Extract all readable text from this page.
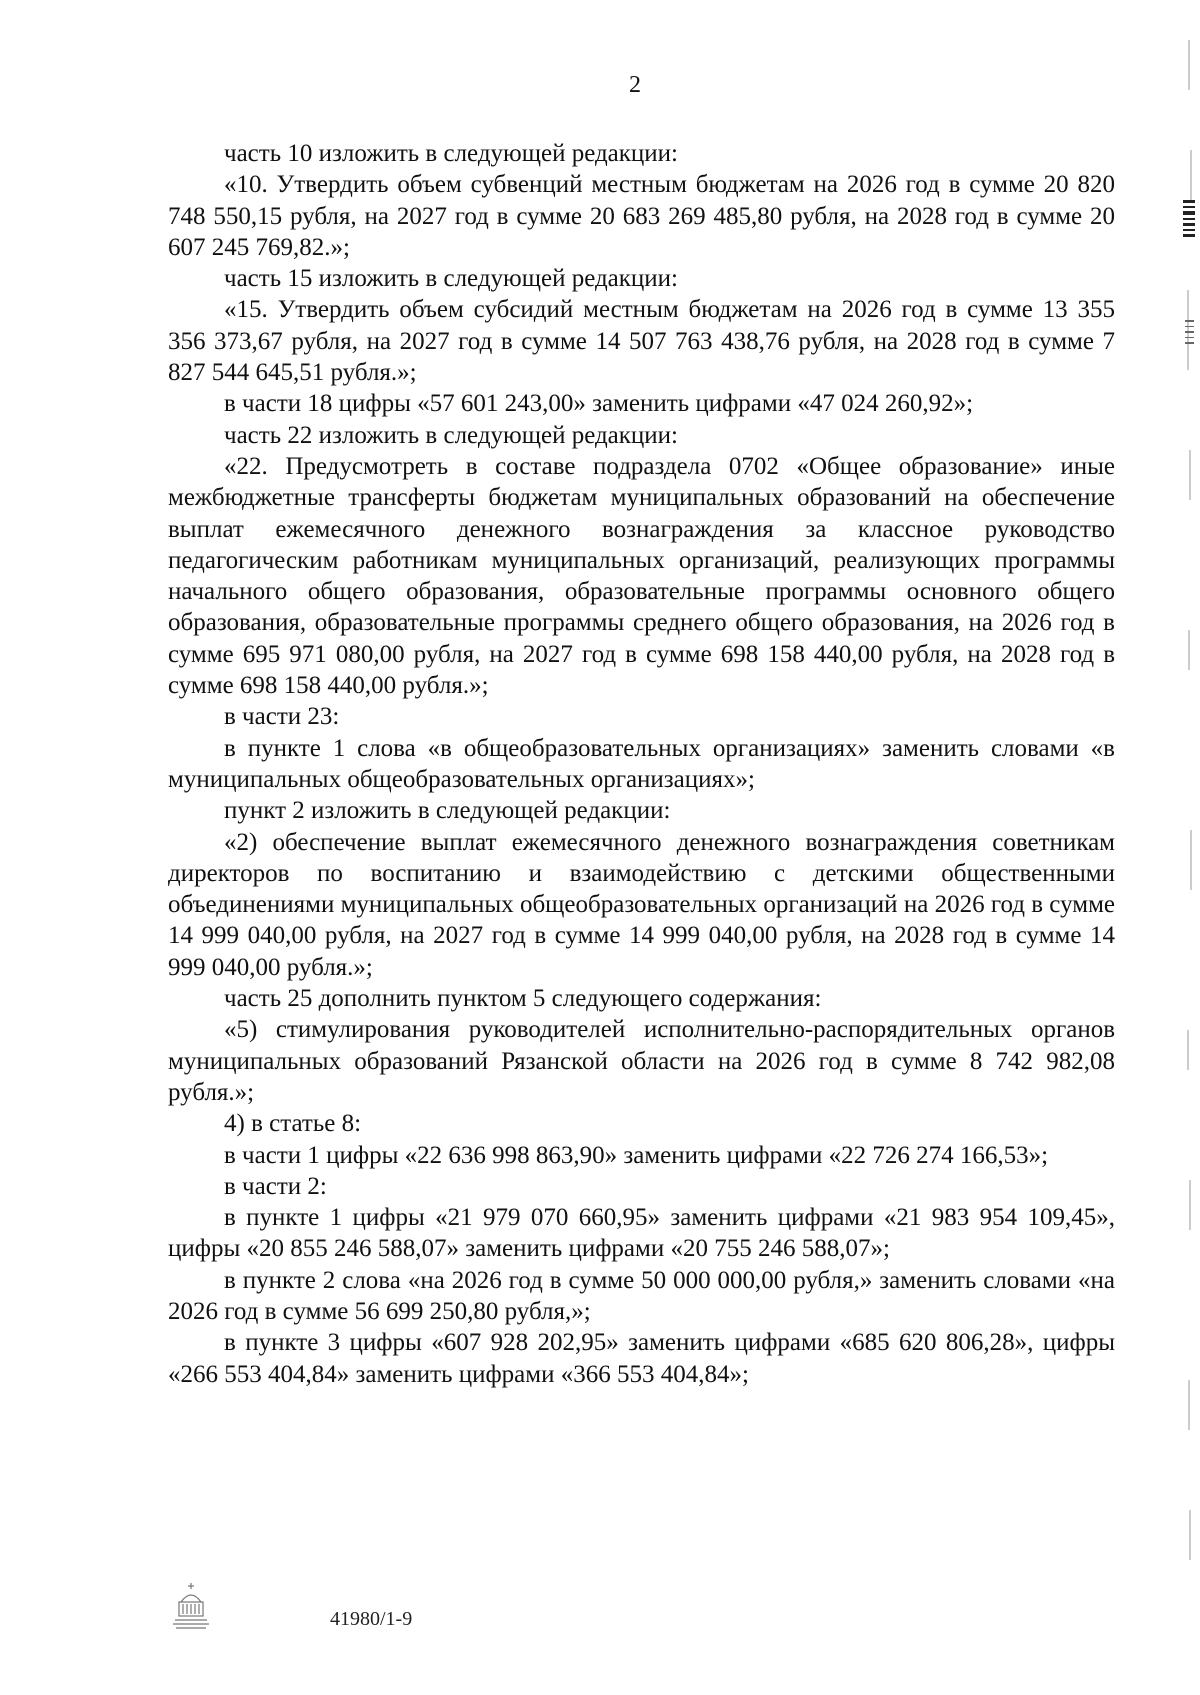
2

часть 10 изложить в следующей редакции:

«10. Утвердить объем субвенций местным бюджетам на 2026 год в сумме 20 820 748 550,15 рубля, на 2027 год в сумме 20 683 269 485,80 рубля, на 2028 год в сумме 20 607 245 769,82.»;

часть 15 изложить в следующей редакции:

«15. Утвердить объем субсидий местным бюджетам на 2026 год в сумме 13 355 356 373,67 рубля, на 2027 год в сумме 14 507 763 438,76 рубля, на 2028 год в сумме 7 827 544 645,51 рубля.»;

в части 18 цифры «57 601 243,00» заменить цифрами «47 024 260,92»;

часть 22 изложить в следующей редакции:

«22. Предусмотреть в составе подраздела 0702 «Общее образование» иные межбюджетные трансферты бюджетам муниципальных образований на обеспечение выплат ежемесячного денежного вознаграждения за классное руководство педагогическим работникам муниципальных организаций, реализующих программы начального общего образования, образовательные программы основного общего образования, образовательные программы среднего общего образования, на 2026 год в сумме 695 971 080,00 рубля, на 2027 год в сумме 698 158 440,00 рубля, на 2028 год в сумме 698 158 440,00 рубля.»;

в части 23:

в пункте 1 слова «в общеобразовательных организациях» заменить словами «в муниципальных общеобразовательных организациях»;

пункт 2 изложить в следующей редакции:

«2) обеспечение выплат ежемесячного денежного вознаграждения советникам директоров по воспитанию и взаимодействию с детскими общественными объединениями муниципальных общеобразовательных организаций на 2026 год в сумме 14 999 040,00 рубля, на 2027 год в сумме 14 999 040,00 рубля, на 2028 год в сумме 14 999 040,00 рубля.»;

часть 25 дополнить пунктом 5 следующего содержания:

«5) стимулирования руководителей исполнительно-распорядительных органов муниципальных образований Рязанской области на 2026 год в сумме 8 742 982,08 рубля.»;

4) в статье 8:

в части 1 цифры «22 636 998 863,90» заменить цифрами «22 726 274 166,53»;

в части 2:

в пункте 1 цифры «21 979 070 660,95» заменить цифрами «21 983 954 109,45», цифры «20 855 246 588,07» заменить цифрами «20 755 246 588,07»;

в пункте 2 слова «на 2026 год в сумме 50 000 000,00 рубля,» заменить словами «на 2026 год в сумме 56 699 250,80 рубля,»;

в пункте 3 цифры «607 928 202,95» заменить цифрами «685 620 806,28», цифры «266 553 404,84» заменить цифрами «366 553 404,84»;

41980/1-9
